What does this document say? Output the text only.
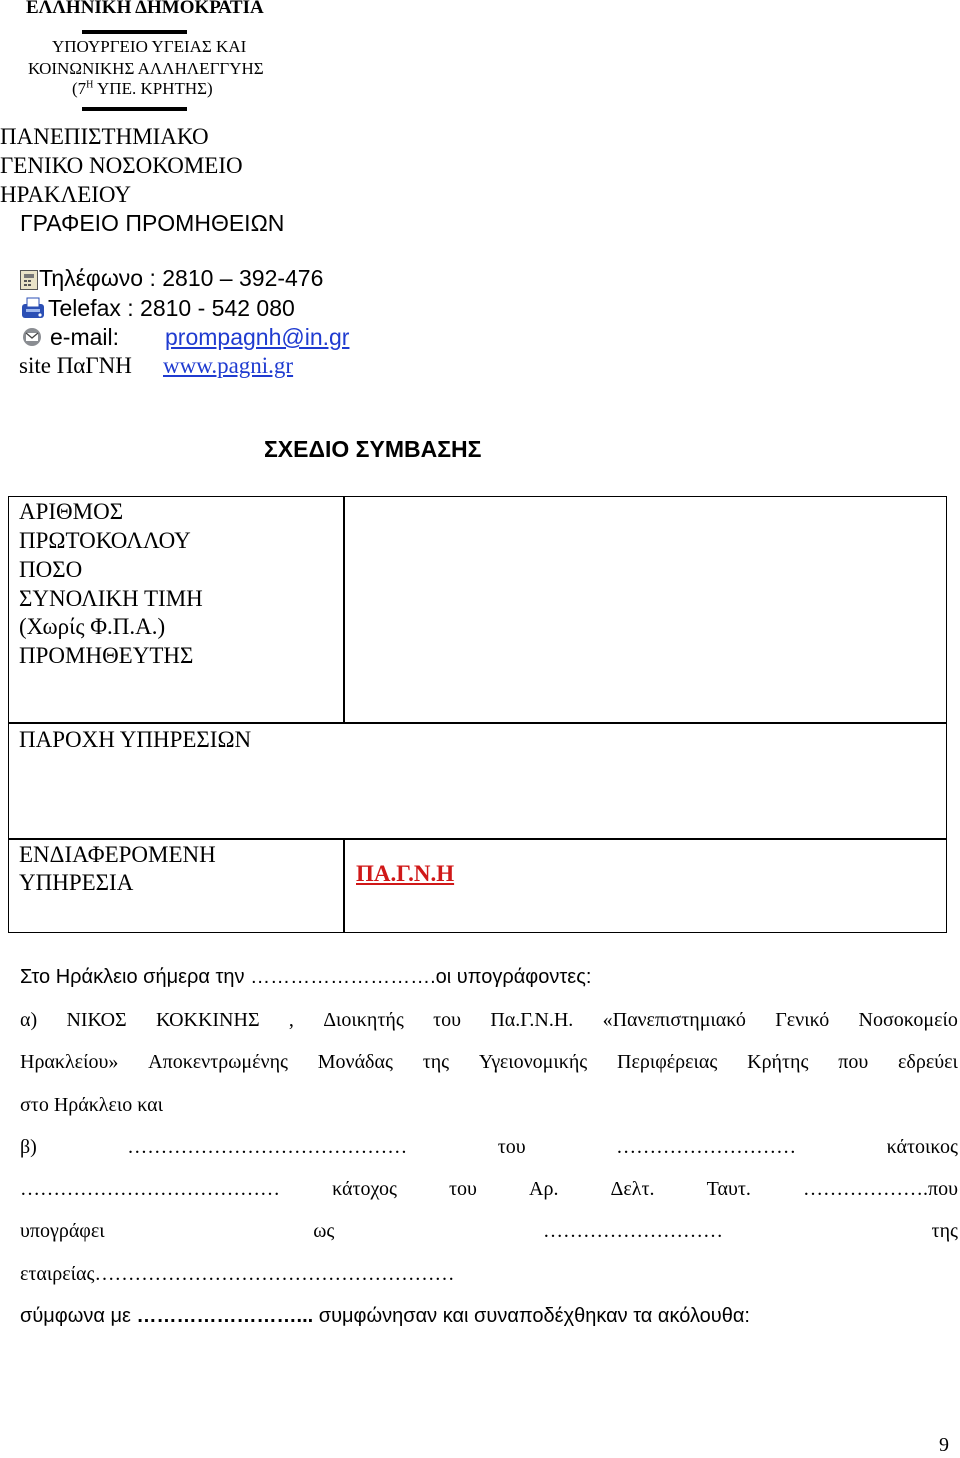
ΕΛΛΗΝΙΚΗ ΔΗΜΟΚΡΑΤΙΑ
ΥΠΟΥΡΓΕΙΟ ΥΓΕΙΑΣ ΚΑΙ
ΚΟΙΝΩΝΙΚΗΣ ΑΛΛΗΛΕΓΓΥΗΣ
($7^H$ ΥΠΕ. ΚΡΗΤΗΣ)
ΠΑΝΕΠΙΣΤΗΜΙΑΚΟ
ΓΕΝΙΚΟ ΝΟΣΟΚΟΜΕΙΟ
ΗΡΑΚΛΕΙΟΥ
ΓΡΑΦΕΙΟ ΠΡΟΜΗΘΕΙΩΝ
Τηλέφωνο : 2810 – 392-476
Telefax : 2810 - 542 080
e-mail: prompagnh@in.gr
site ΠαΓΝΗ www.pagni.gr
ΣΧΕΔΙΟ ΣΥΜΒΑΣΗΣ
ΑΡΙΘΜΟΣ
ΠΡΩΤΟΚΟΛΛΟΥ
ΠΟΣΟ
ΣΥΝΟΛΙΚΗ ΤΙΜΗ
(Χωρίς Φ.Π.Α.)
ΠΡΟΜΗΘΕΥΤΗΣ
ΠΑΡΟΧΗ ΥΠΗΡΕΣΙΩΝ
ΕΝΔΙΑΦΕΡΟΜΕΝΗ
ΥΠΗΡΕΣΙΑ	ΠΑ.Γ.Ν.Η
Στο Ηράκλειο σήμερα την ……………………….οι υπογράφοντες:
α) ΝΙΚΟΣ ΚΟΚΚΙΝΗΣ , Διοικητής του Πα.Γ.Ν.Η. «Πανεπιστημιακό Γενικό Νοσοκομείο
Ηρακλείου» Αποκεντρωμένης Μονάδας της Υγειονομικής Περιφέρειας Κρήτης που εδρεύει
στο Ηράκλειο και
β)	……………………………………	του	………………………	κάτοικος
…………………………………	κάτοχος	του	Αρ.	Δελτ.	Ταυτ.	……………….που
υπογράφει	ως	………………………	της
εταιρείας………………………………………………
σύμφωνα με ……………………... συμφώνησαν και συναποδέχθηκαν τα ακόλουθα:
9
